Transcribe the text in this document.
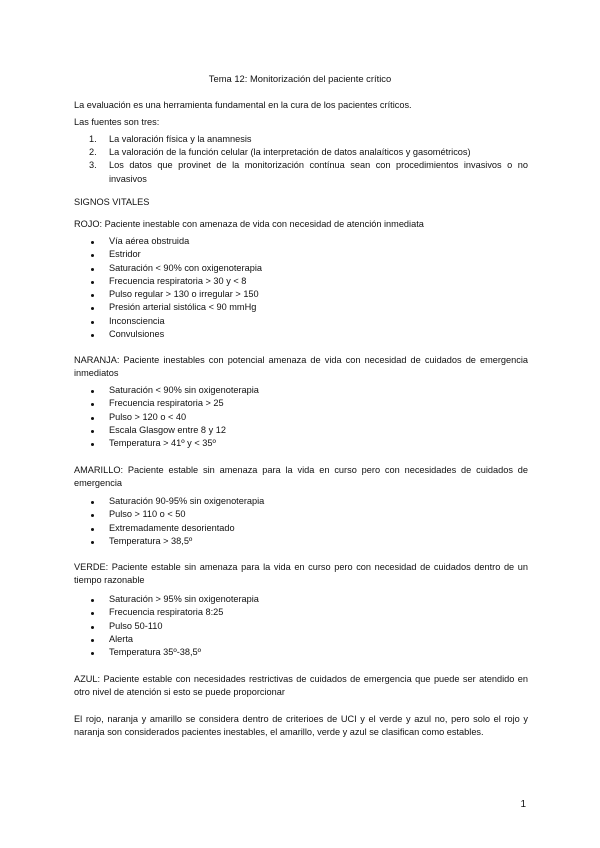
Tema 12: Monitorización del paciente crítico

La evaluación es una herramienta fundamental en la cura de los pacientes críticos.

Las fuentes son tres:

1. La valoración física y la anamnesis
2. La valoración de la función celular (la interpretación de datos analaíticos y gasométricos)
3. Los datos que provinet de la monitorización contínua sean con procedimientos invasivos o no invasivos

SIGNOS VITALES

ROJO: Paciente inestable con amenaza de vida con necesidad de atención inmediata

Vía aérea obstruida
Estridor
Saturación < 90% con oxigenoterapia
Frecuencia respiratoria > 30 y < 8
Pulso regular > 130 o irregular > 150
Presión arterial sistólica < 90 mmHg
Inconsciencia
Convulsiones

NARANJA: Paciente inestables con potencial amenaza de vida con necesidad de cuidados de emergencia inmediatos

Saturación < 90% sin oxigenoterapia
Frecuencia respiratoria > 25
Pulso > 120 o < 40
Escala Glasgow entre 8 y 12
Temperatura > 41º y < 35º

AMARILLO: Paciente estable sin amenaza para la vida en curso pero con necesidades de cuidados de emergencia

Saturación 90-95% sin oxigenoterapia
Pulso > 110 o < 50
Extremadamente desorientado
Temperatura > 38,5º

VERDE: Paciente estable sin amenaza para la vida en curso pero con necesidad de cuidados dentro de un tiempo razonable

Saturación > 95% sin oxigenoterapia
Frecuencia respiratoria 8:25
Pulso 50-110
Alerta
Temperatura 35º-38,5º

AZUL: Paciente estable con necesidades restrictivas de cuidados de emergencia que puede ser atendido en otro nivel de atención si esto se puede proporcionar

El rojo, naranja y amarillo se considera dentro de criterioes de UCI y el verde y azul no, pero solo el rojo y naranja son considerados pacientes inestables, el amarillo, verde y azul se clasifican como estables.

1
